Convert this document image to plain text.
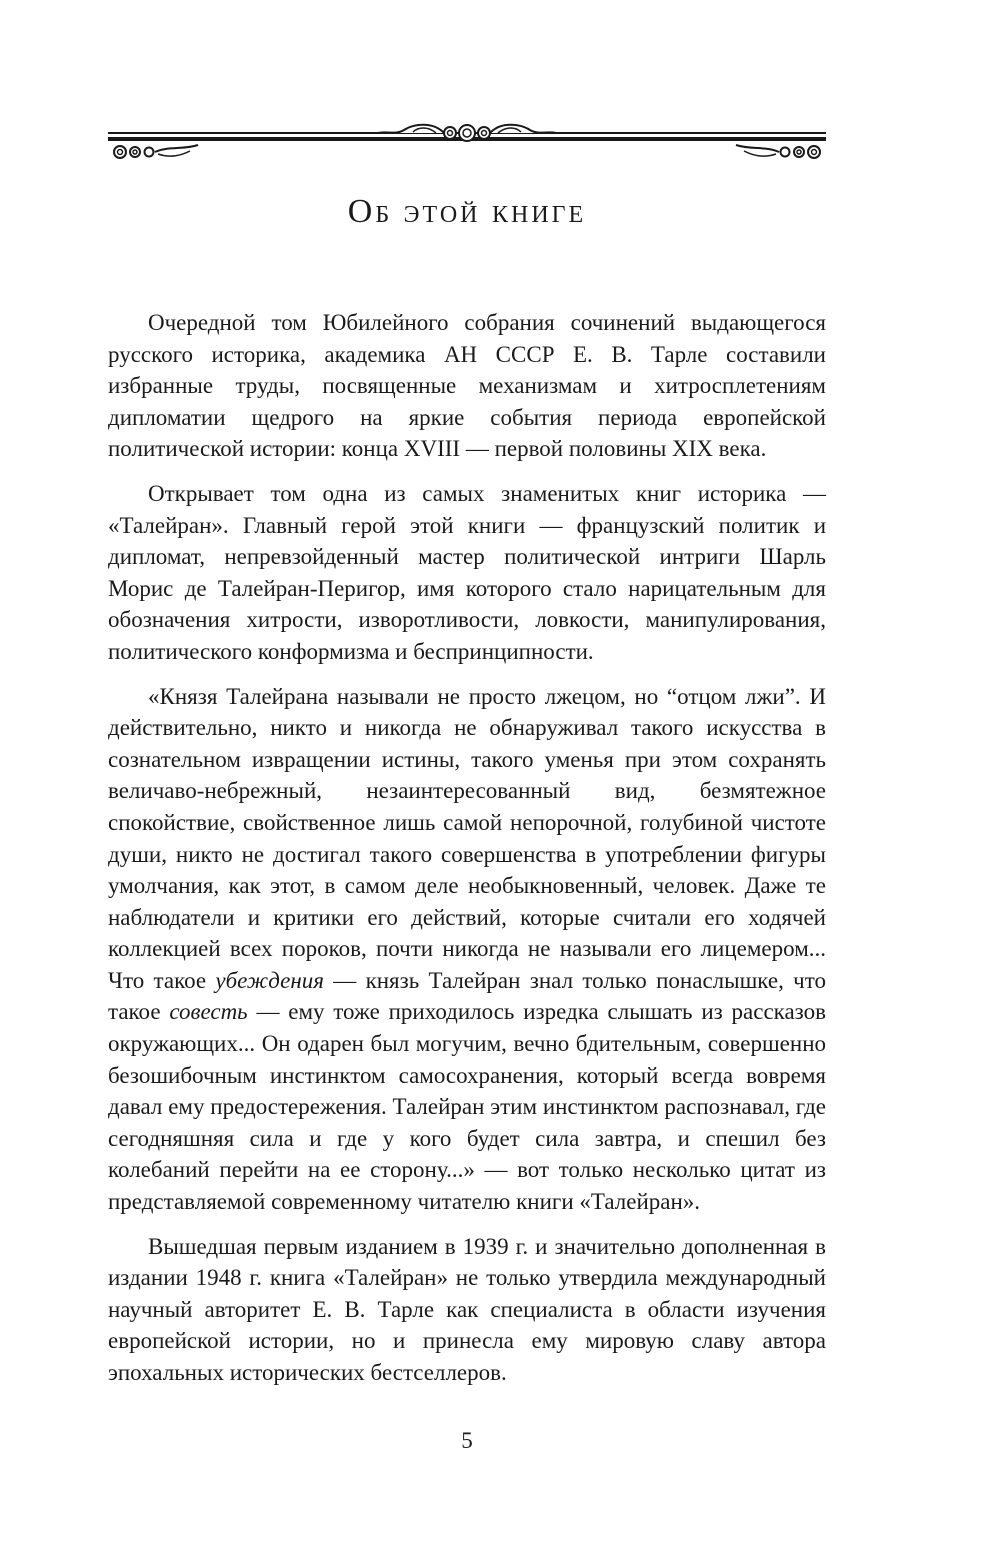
Об этой книге

Очередной том Юбилейного собрания сочинений выдающегося русского историка, академика АН СССР Е. В. Тарле составили избранные труды, посвященные механизмам и хитросплетениям дипломатии щедрого на яркие события периода европейской политической истории: конца XVIII — первой половины XIX века.

Открывает том одна из самых знаменитых книг историка — «Талейран». Главный герой этой книги — французский политик и дипломат, непревзойденный мастер политической интриги Шарль Морис де Талейран-Перигор, имя которого стало нарицательным для обозначения хитрости, изворотливости, ловкости, манипулирования, политического конформизма и беспринципности.

«Князя Талейрана называли не просто лжецом, но “отцом лжи”. И действительно, никто и никогда не обнаруживал такого искусства в сознательном извращении истины, такого уменья при этом сохранять величаво-небрежный, незаинтересованный вид, безмятежное спокойствие, свойственное лишь самой непорочной, голубиной чистоте души, никто не достигал такого совершенства в употреблении фигуры умолчания, как этот, в самом деле необыкновенный, человек. Даже те наблюдатели и критики его действий, которые считали его ходячей коллекцией всех пороков, почти никогда не называли его лицемером... Что такое убеждения — князь Талейран знал только понаслышке, что такое совесть — ему тоже приходилось изредка слышать из рассказов окружающих... Он одарен был могучим, вечно бдительным, совершенно безошибочным инстинктом самосохранения, который всегда вовремя давал ему предостережения. Талейран этим инстинктом распознавал, где сегодняшняя сила и где у кого будет сила завтра, и спешил без колебаний перейти на ее сторону...» — вот только несколько цитат из представляемой современному читателю книги «Талейран».

Вышедшая первым изданием в 1939 г. и значительно дополненная в издании 1948 г. книга «Талейран» не только утвердила международный научный авторитет Е. В. Тарле как специалиста в области изучения европейской истории, но и принесла ему мировую славу автора эпохальных исторических бестселлеров.

5
